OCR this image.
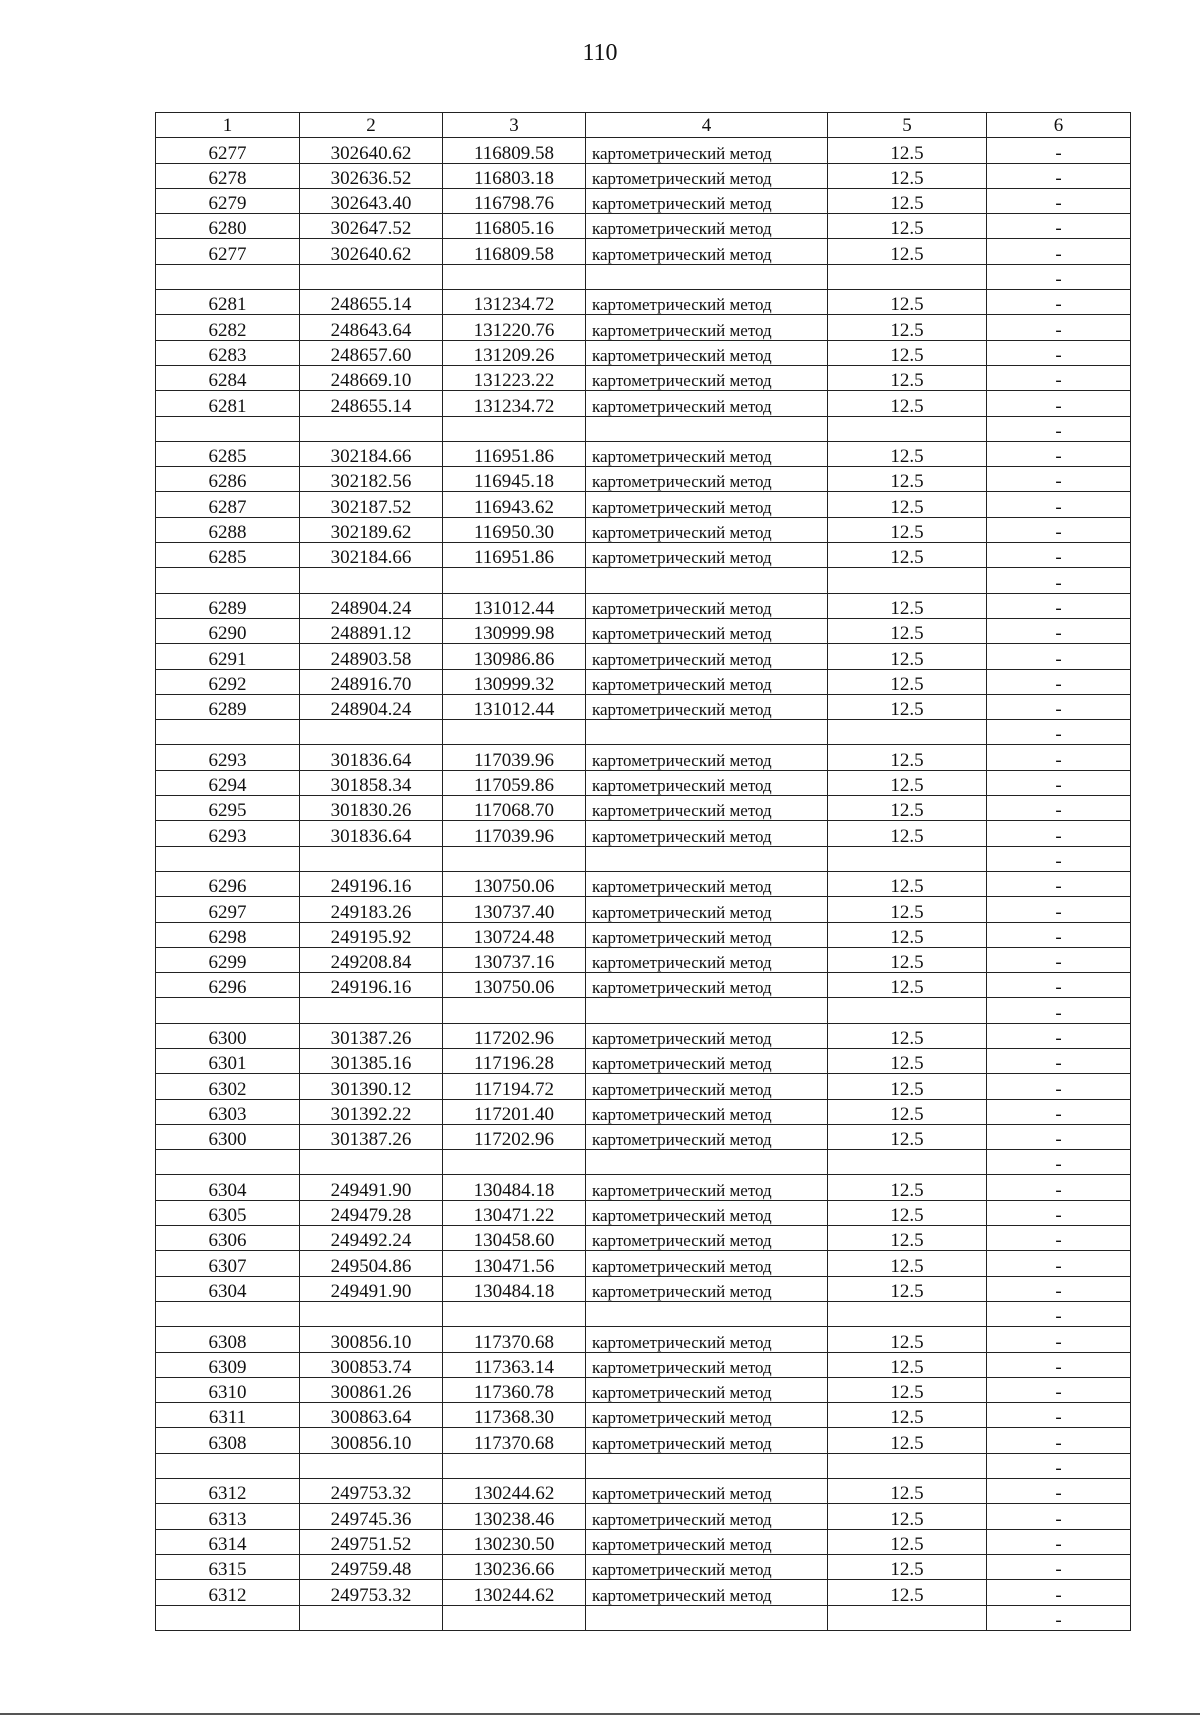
110
1	2	3	4	5	6
6277	302640.62	116809.58	картометрический метод	12.5	-
6278	302636.52	116803.18	картометрический метод	12.5	-
6279	302643.40	116798.76	картометрический метод	12.5	-
6280	302647.52	116805.16	картометрический метод	12.5	-
6277	302640.62	116809.58	картометрический метод	12.5	-
					-
6281	248655.14	131234.72	картометрический метод	12.5	-
6282	248643.64	131220.76	картометрический метод	12.5	-
6283	248657.60	131209.26	картометрический метод	12.5	-
6284	248669.10	131223.22	картометрический метод	12.5	-
6281	248655.14	131234.72	картометрический метод	12.5	-
					-
6285	302184.66	116951.86	картометрический метод	12.5	-
6286	302182.56	116945.18	картометрический метод	12.5	-
6287	302187.52	116943.62	картометрический метод	12.5	-
6288	302189.62	116950.30	картометрический метод	12.5	-
6285	302184.66	116951.86	картометрический метод	12.5	-
					-
6289	248904.24	131012.44	картометрический метод	12.5	-
6290	248891.12	130999.98	картометрический метод	12.5	-
6291	248903.58	130986.86	картометрический метод	12.5	-
6292	248916.70	130999.32	картометрический метод	12.5	-
6289	248904.24	131012.44	картометрический метод	12.5	-
					-
6293	301836.64	117039.96	картометрический метод	12.5	-
6294	301858.34	117059.86	картометрический метод	12.5	-
6295	301830.26	117068.70	картометрический метод	12.5	-
6293	301836.64	117039.96	картометрический метод	12.5	-
					-
6296	249196.16	130750.06	картометрический метод	12.5	-
6297	249183.26	130737.40	картометрический метод	12.5	-
6298	249195.92	130724.48	картометрический метод	12.5	-
6299	249208.84	130737.16	картометрический метод	12.5	-
6296	249196.16	130750.06	картометрический метод	12.5	-
					-
6300	301387.26	117202.96	картометрический метод	12.5	-
6301	301385.16	117196.28	картометрический метод	12.5	-
6302	301390.12	117194.72	картометрический метод	12.5	-
6303	301392.22	117201.40	картометрический метод	12.5	-
6300	301387.26	117202.96	картометрический метод	12.5	-
					-
6304	249491.90	130484.18	картометрический метод	12.5	-
6305	249479.28	130471.22	картометрический метод	12.5	-
6306	249492.24	130458.60	картометрический метод	12.5	-
6307	249504.86	130471.56	картометрический метод	12.5	-
6304	249491.90	130484.18	картометрический метод	12.5	-
					-
6308	300856.10	117370.68	картометрический метод	12.5	-
6309	300853.74	117363.14	картометрический метод	12.5	-
6310	300861.26	117360.78	картометрический метод	12.5	-
6311	300863.64	117368.30	картометрический метод	12.5	-
6308	300856.10	117370.68	картометрический метод	12.5	-
					-
6312	249753.32	130244.62	картометрический метод	12.5	-
6313	249745.36	130238.46	картометрический метод	12.5	-
6314	249751.52	130230.50	картометрический метод	12.5	-
6315	249759.48	130236.66	картометрический метод	12.5	-
6312	249753.32	130244.62	картометрический метод	12.5	-
					-
